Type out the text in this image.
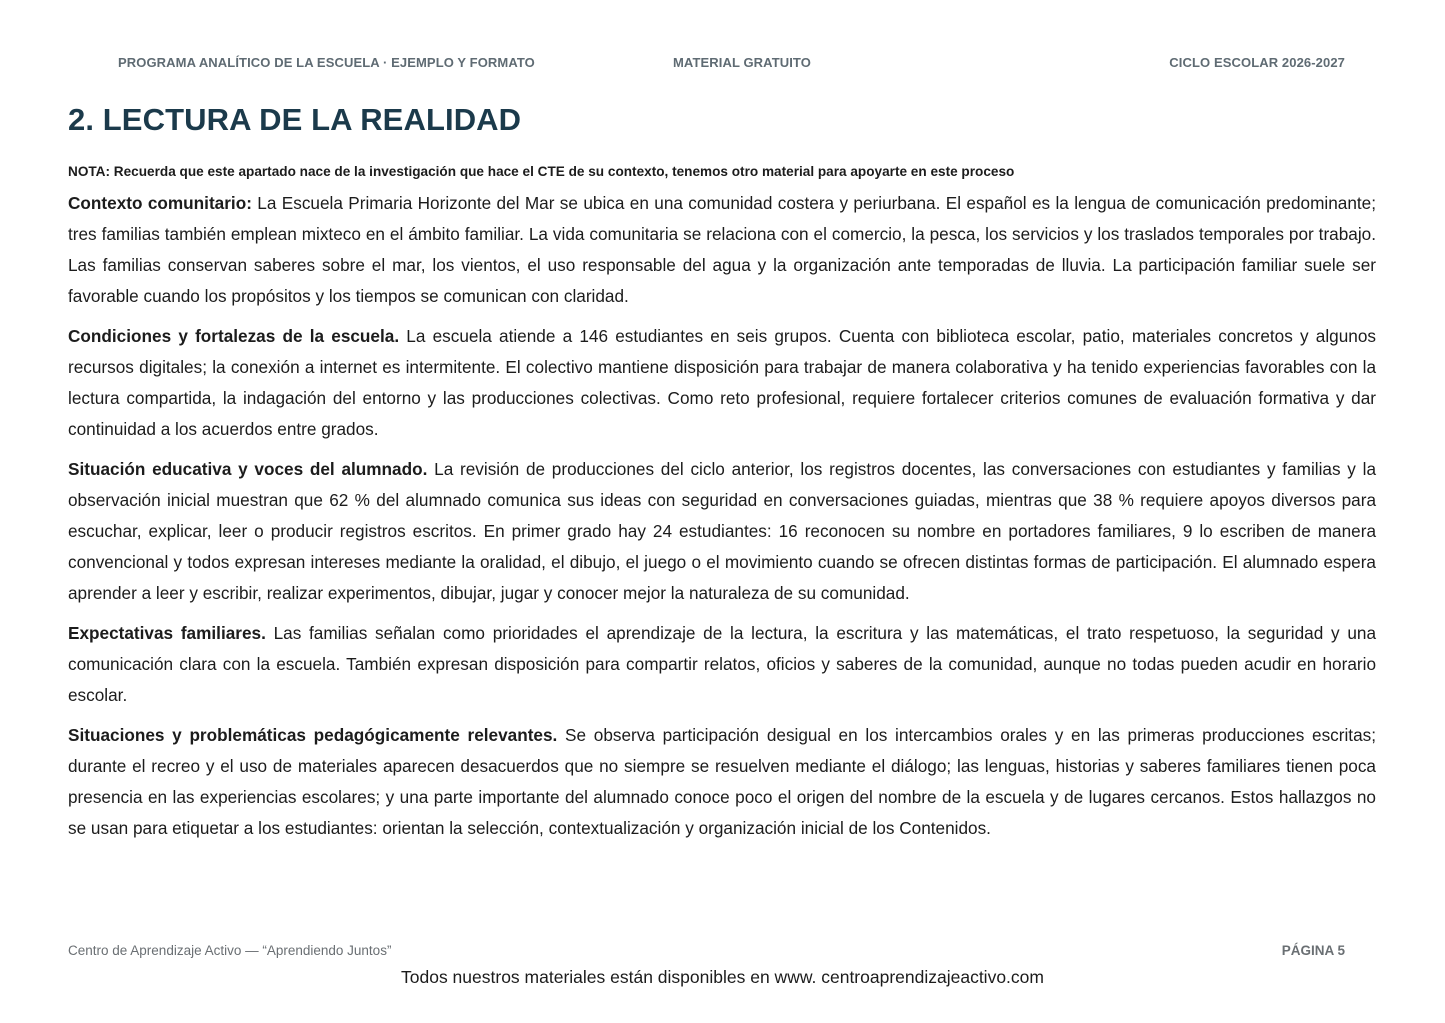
PROGRAMA ANALÍTICO DE LA ESCUELA · EJEMPLO Y FORMATO	MATERIAL GRATUITO	CICLO ESCOLAR 2026-2027
2. LECTURA DE LA REALIDAD

NOTA: Recuerda que este apartado nace de la investigación que hace el CTE de su contexto, tenemos otro material para apoyarte en este proceso

Contexto comunitario: La Escuela Primaria Horizonte del Mar se ubica en una comunidad costera y periurbana. El español es la lengua de comunicación predominante; tres familias también emplean mixteco en el ámbito familiar. La vida comunitaria se relaciona con el comercio, la pesca, los servicios y los traslados temporales por trabajo. Las familias conservan saberes sobre el mar, los vientos, el uso responsable del agua y la organización ante temporadas de lluvia. La participación familiar suele ser favorable cuando los propósitos y los tiempos se comunican con claridad.

Condiciones y fortalezas de la escuela. La escuela atiende a 146 estudiantes en seis grupos. Cuenta con biblioteca escolar, patio, materiales concretos y algunos recursos digitales; la conexión a internet es intermitente. El colectivo mantiene disposición para trabajar de manera colaborativa y ha tenido experiencias favorables con la lectura compartida, la indagación del entorno y las producciones colectivas. Como reto profesional, requiere fortalecer criterios comunes de evaluación formativa y dar continuidad a los acuerdos entre grados.

Situación educativa y voces del alumnado. La revisión de producciones del ciclo anterior, los registros docentes, las conversaciones con estudiantes y familias y la observación inicial muestran que 62 % del alumnado comunica sus ideas con seguridad en conversaciones guiadas, mientras que 38 % requiere apoyos diversos para escuchar, explicar, leer o producir registros escritos. En primer grado hay 24 estudiantes: 16 reconocen su nombre en portadores familiares, 9 lo escriben de manera convencional y todos expresan intereses mediante la oralidad, el dibujo, el juego o el movimiento cuando se ofrecen distintas formas de participación. El alumnado espera aprender a leer y escribir, realizar experimentos, dibujar, jugar y conocer mejor la naturaleza de su comunidad.

Expectativas familiares. Las familias señalan como prioridades el aprendizaje de la lectura, la escritura y las matemáticas, el trato respetuoso, la seguridad y una comunicación clara con la escuela. También expresan disposición para compartir relatos, oficios y saberes de la comunidad, aunque no todas pueden acudir en horario escolar.

Situaciones y problemáticas pedagógicamente relevantes. Se observa participación desigual en los intercambios orales y en las primeras producciones escritas; durante el recreo y el uso de materiales aparecen desacuerdos que no siempre se resuelven mediante el diálogo; las lenguas, historias y saberes familiares tienen poca presencia en las experiencias escolares; y una parte importante del alumnado conoce poco el origen del nombre de la escuela y de lugares cercanos. Estos hallazgos no se usan para etiquetar a los estudiantes: orientan la selección, contextualización y organización inicial de los Contenidos.

Centro de Aprendizaje Activo — “Aprendiendo Juntos”	PÁGINA 5
Todos nuestros materiales están disponibles en www. centroaprendizajeactivo.com
